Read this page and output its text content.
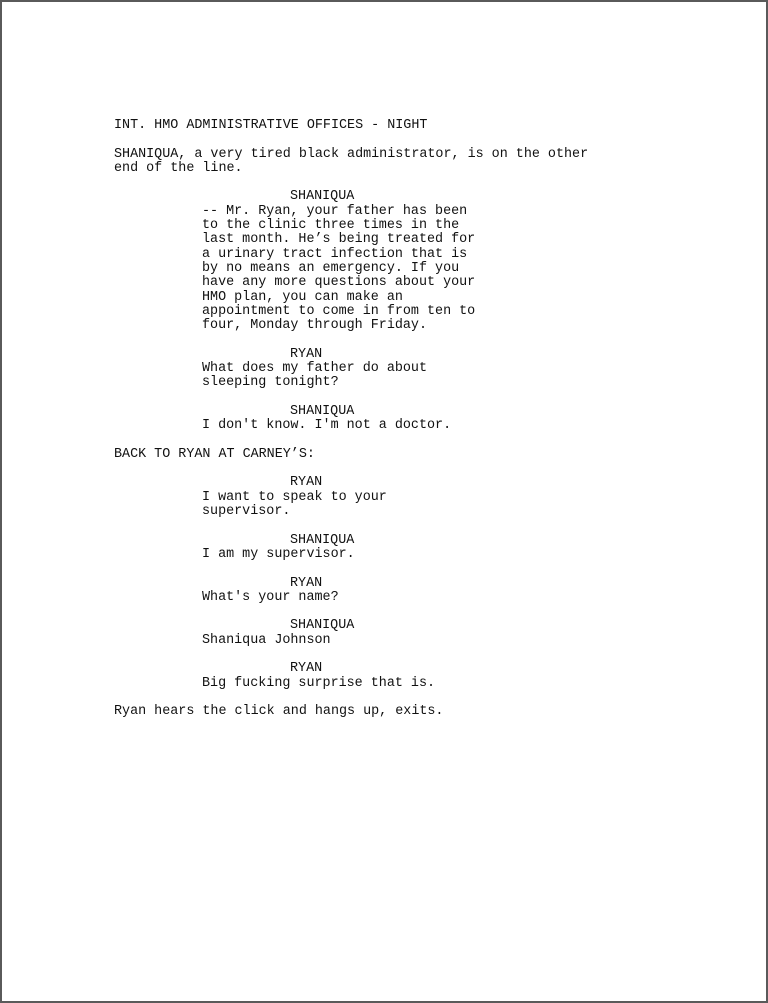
INT. HMO ADMINISTRATIVE OFFICES - NIGHT
SHANIQUA, a very tired black administrator, is on the other
end of the line.
SHANIQUA
-- Mr. Ryan, your father has been
to the clinic three times in the
last month. He’s being treated for
a urinary tract infection that is
by no means an emergency. If you
have any more questions about your
HMO plan, you can make an
appointment to come in from ten to
four, Monday through Friday.
RYAN
What does my father do about
sleeping tonight?
SHANIQUA
I don't know. I'm not a doctor.
BACK TO RYAN AT CARNEY’S:
RYAN
I want to speak to your
supervisor.
SHANIQUA
I am my supervisor.
RYAN
What's your name?
SHANIQUA
Shaniqua Johnson
RYAN
Big fucking surprise that is.
Ryan hears the click and hangs up, exits.
